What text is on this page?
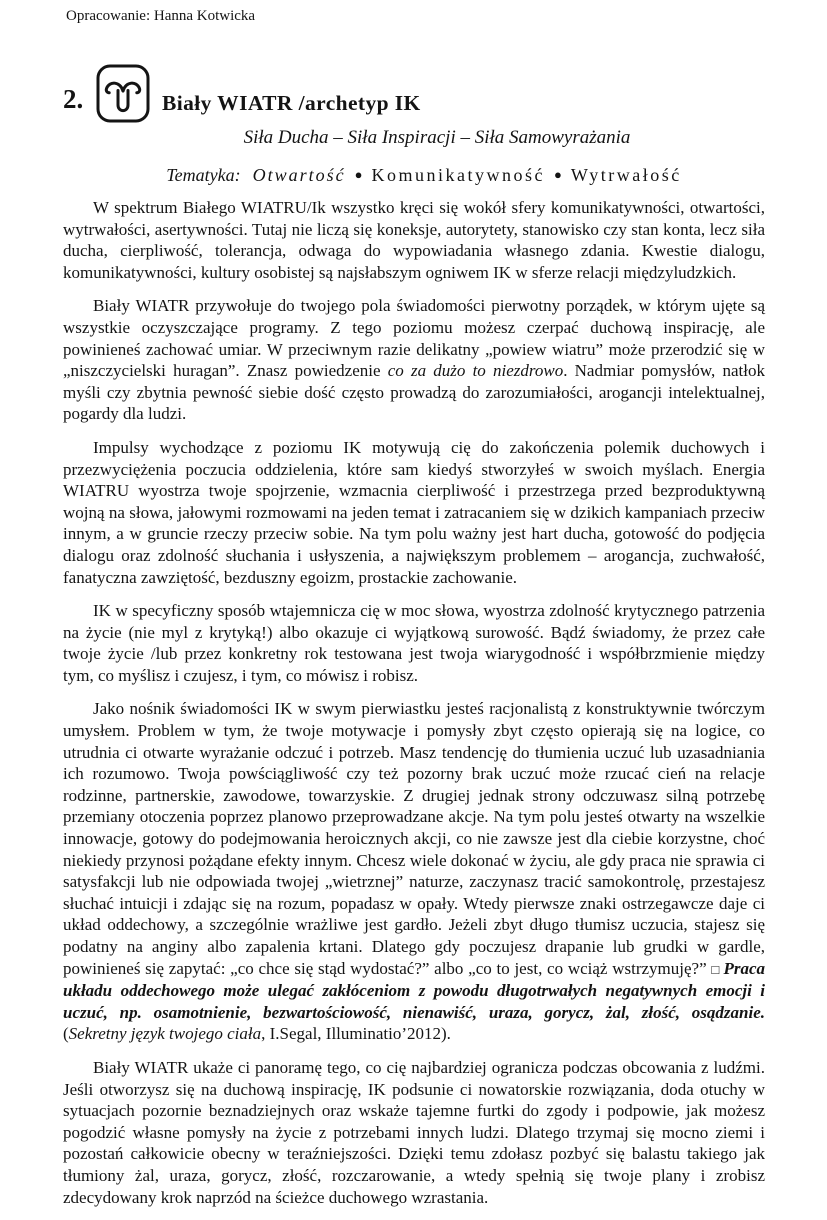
Opracowanie: Hanna Kotwicka
2.	Biały WIATR /archetyp IK
Siła Ducha – Siła Inspiracji – Siła Samowyrażania
Tematyka: Otwartość ● Komunikatywność ● Wytrwałość

W spektrum Białego WIATRU/Ik wszystko kręci się wokół sfery komunikatywności, otwartości, wytrwałości, asertywności. Tutaj nie liczą się koneksje, autorytety, stanowisko czy stan konta, lecz siła ducha, cierpliwość, tolerancja, odwaga do wypowiadania własnego zdania. Kwestie dialogu, komunikatywności, kultury osobistej są najsłabszym ogniwem IK w sferze relacji międzyludzkich.

Biały WIATR przywołuje do twojego pola świadomości pierwotny porządek, w którym ujęte są wszystkie oczyszczające programy. Z tego poziomu możesz czerpać duchową inspirację, ale powinieneś zachować umiar. W przeciwnym razie delikatny „powiew wiatru” może przerodzić się w „niszczycielski huragan”. Znasz powiedzenie co za dużo to niezdrowo. Nadmiar pomysłów, natłok myśli czy zbytnia pewność siebie dość często prowadzą do zarozumiałości, arogancji intelektualnej, pogardy dla ludzi.

Impulsy wychodzące z poziomu IK motywują cię do zakończenia polemik duchowych i przezwyciężenia poczucia oddzielenia, które sam kiedyś stworzyłeś w swoich myślach. Energia WIATRU wyostrza twoje spojrzenie, wzmacnia cierpliwość i przestrzega przed bezproduktywną wojną na słowa, jałowymi rozmowami na jeden temat i zatracaniem się w dzikich kampaniach przeciw innym, a w gruncie rzeczy przeciw sobie. Na tym polu ważny jest hart ducha, gotowość do podjęcia dialogu oraz zdolność słuchania i usłyszenia, a największym problemem – arogancja, zuchwałość, fanatyczna zawziętość, bezduszny egoizm, prostackie zachowanie.

IK w specyficzny sposób wtajemnicza cię w moc słowa, wyostrza zdolność krytycznego patrzenia na życie (nie myl z krytyką!) albo okazuje ci wyjątkową surowość. Bądź świadomy, że przez całe twoje życie /lub przez konkretny rok testowana jest twoja wiarygodność i współbrzmienie między tym, co myślisz i czujesz, i tym, co mówisz i robisz.

Jako nośnik świadomości IK w swym pierwiastku jesteś racjonalistą z konstruktywnie twórczym umysłem. Problem w tym, że twoje motywacje i pomysły zbyt często opierają się na logice, co utrudnia ci otwarte wyrażanie odczuć i potrzeb. Masz tendencję do tłumienia uczuć lub uzasadniania ich rozumowo. Twoja powściągliwość czy też pozorny brak uczuć może rzucać cień na relacje rodzinne, partnerskie, zawodowe, towarzyskie. Z drugiej jednak strony odczuwasz silną potrzebę przemiany otoczenia poprzez planowo przeprowadzane akcje. Na tym polu jesteś otwarty na wszelkie innowacje, gotowy do podejmowania heroicznych akcji, co nie zawsze jest dla ciebie korzystne, choć niekiedy przynosi pożądane efekty innym. Chcesz wiele dokonać w życiu, ale gdy praca nie sprawia ci satysfakcji lub nie odpowiada twojej „wietrznej” naturze, zaczynasz tracić samokontrolę, przestajesz słuchać intuicji i zdając się na rozum, popadasz w opały. Wtedy pierwsze znaki ostrzegawcze daje ci układ oddechowy, a szczególnie wrażliwe jest gardło. Jeżeli zbyt długo tłumisz uczucia, stajesz się podatny na anginy albo zapalenia krtani. Dlatego gdy poczujesz drapanie lub grudki w gardle, powinieneś się zapytać: „co chce się stąd wydostać?” albo „co to jest, co wciąż wstrzymuję?” □ Praca układu oddechowego może ulegać zakłóceniom z powodu długotrwałych negatywnych emocji i uczuć, np. osamotnienie, bezwartościowość, nienawiść, uraza, gorycz, żal, złość, osądzanie. (Sekretny język twojego ciała, I.Segal, Illuminatio’2012).

Biały WIATR ukaże ci panoramę tego, co cię najbardziej ogranicza podczas obcowania z ludźmi. Jeśli otworzysz się na duchową inspirację, IK podsunie ci nowatorskie rozwiązania, doda otuchy w sytuacjach pozornie beznadziejnych oraz wskaże tajemne furtki do zgody i podpowie, jak możesz pogodzić własne pomysły na życie z potrzebami innych ludzi. Dlatego trzymaj się mocno ziemi i pozostań całkowicie obecny w teraźniejszości. Dzięki temu zdołasz pozbyć się balastu takiego jak tłumiony żal, uraza, gorycz, złość, rozczarowanie, a wtedy spełnią się twoje plany i zrobisz zdecydowany krok naprzód na ścieżce duchowego wzrastania.
